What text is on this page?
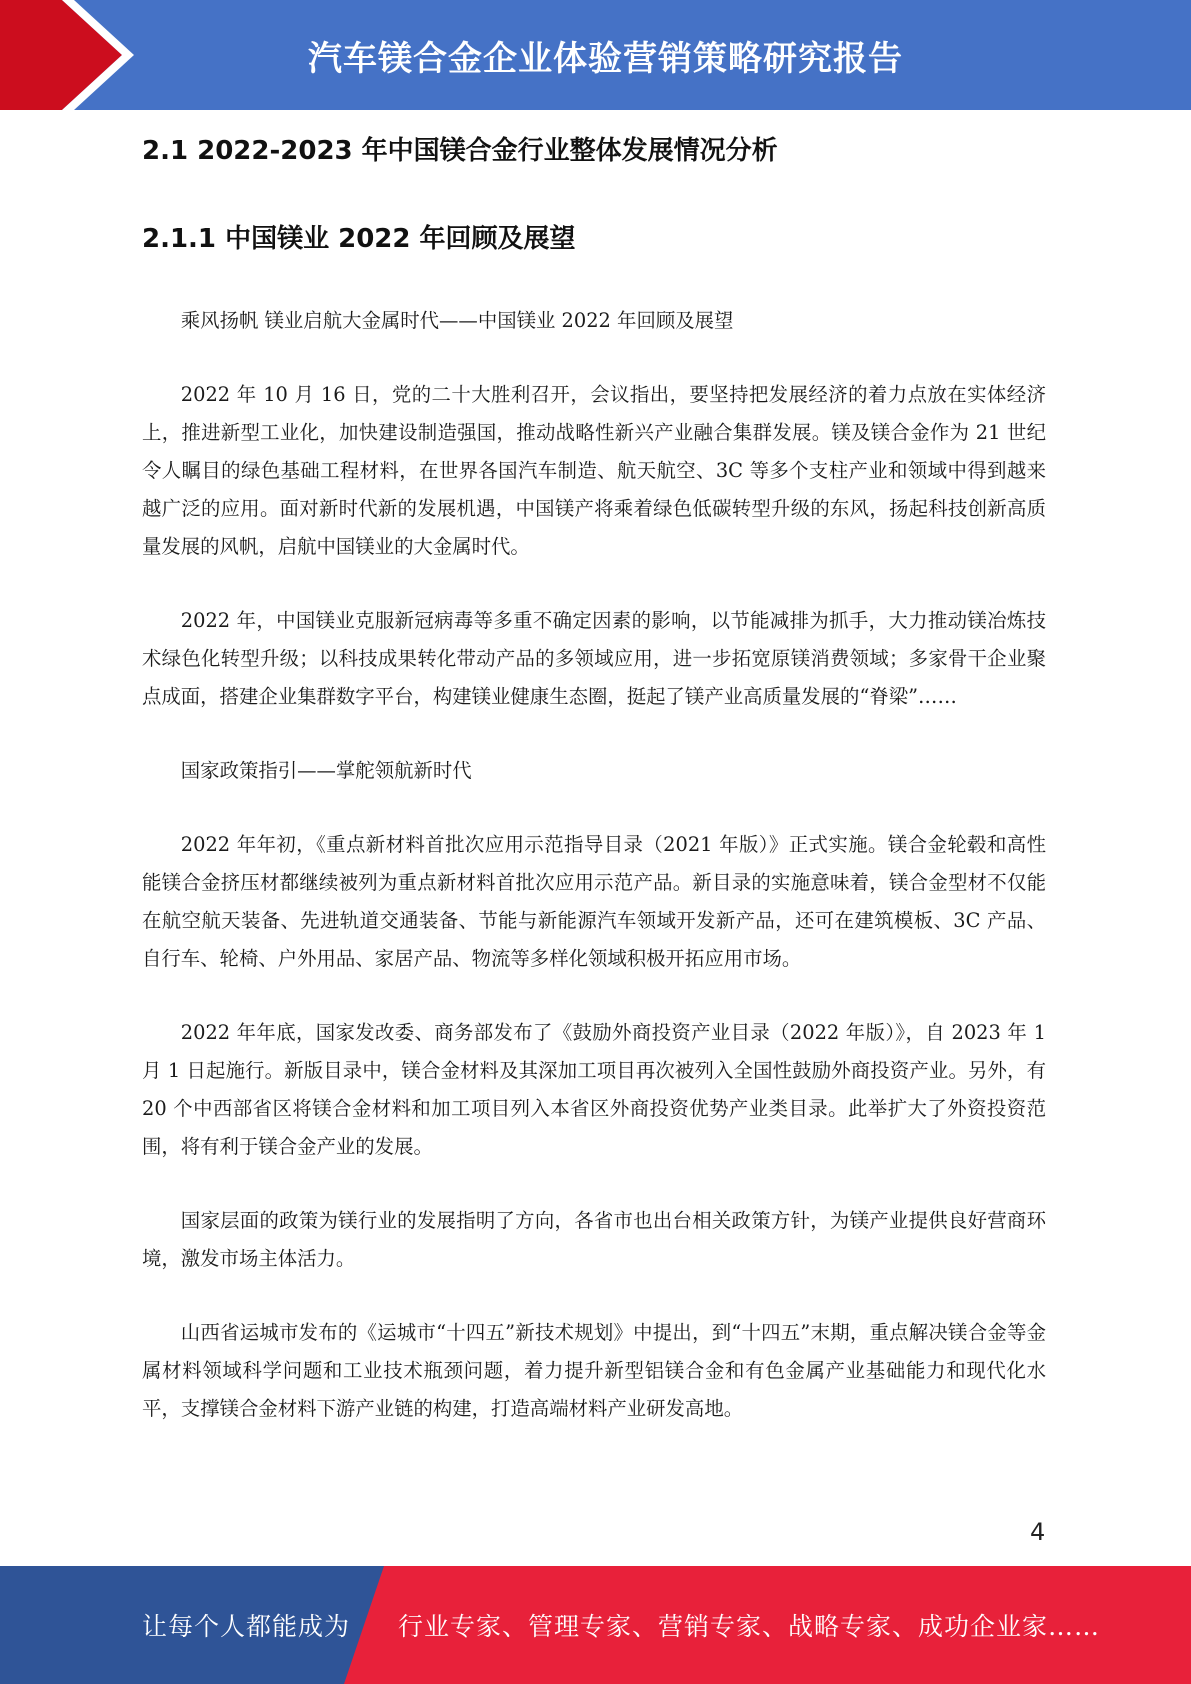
汽车镁合金企业体验营销策略研究报告
2.1 2022-2023 年中国镁合金行业整体发展情况分析
2.1.1 中国镁业 2022 年回顾及展望

乘风扬帆 镁业启航大金属时代——中国镁业 2022 年回顾及展望

2022 年 10 月 16 日，党的二十大胜利召开，会议指出，要坚持把发展经济的着力点放在实体经济上，推进新型工业化，加快建设制造强国，推动战略性新兴产业融合集群发展。镁及镁合金作为 21 世纪令人瞩目的绿色基础工程材料，在世界各国汽车制造、航天航空、3C 等多个支柱产业和领域中得到越来越广泛的应用。面对新时代新的发展机遇，中国镁产将乘着绿色低碳转型升级的东风，扬起科技创新高质量发展的风帆，启航中国镁业的大金属时代。

2022 年，中国镁业克服新冠病毒等多重不确定因素的影响，以节能减排为抓手，大力推动镁冶炼技术绿色化转型升级；以科技成果转化带动产品的多领域应用，进一步拓宽原镁消费领域；多家骨干企业聚点成面，搭建企业集群数字平台，构建镁业健康生态圈，挺起了镁产业高质量发展的“脊梁”……

国家政策指引——掌舵领航新时代

2022 年年初，《重点新材料首批次应用示范指导目录（2021 年版）》正式实施。镁合金轮毂和高性能镁合金挤压材都继续被列为重点新材料首批次应用示范产品。新目录的实施意味着，镁合金型材不仅能在航空航天装备、先进轨道交通装备、节能与新能源汽车领域开发新产品，还可在建筑模板、3C 产品、自行车、轮椅、户外用品、家居产品、物流等多样化领域积极开拓应用市场。

2022 年年底，国家发改委、商务部发布了《鼓励外商投资产业目录（2022 年版）》，自 2023 年 1 月 1 日起施行。新版目录中，镁合金材料及其深加工项目再次被列入全国性鼓励外商投资产业。另外，有 20 个中西部省区将镁合金材料和加工项目列入本省区外商投资优势产业类目录。此举扩大了外资投资范围，将有利于镁合金产业的发展。

国家层面的政策为镁行业的发展指明了方向，各省市也出台相关政策方针，为镁产业提供良好营商环境，激发市场主体活力。

山西省运城市发布的《运城市“十四五”新技术规划》中提出，到“十四五”末期，重点解决镁合金等金属材料领域科学问题和工业技术瓶颈问题，着力提升新型铝镁合金和有色金属产业基础能力和现代化水平，支撑镁合金材料下游产业链的构建，打造高端材料产业研发高地。

4
让每个人都能成为 行业专家、管理专家、营销专家、战略专家、成功企业家……
